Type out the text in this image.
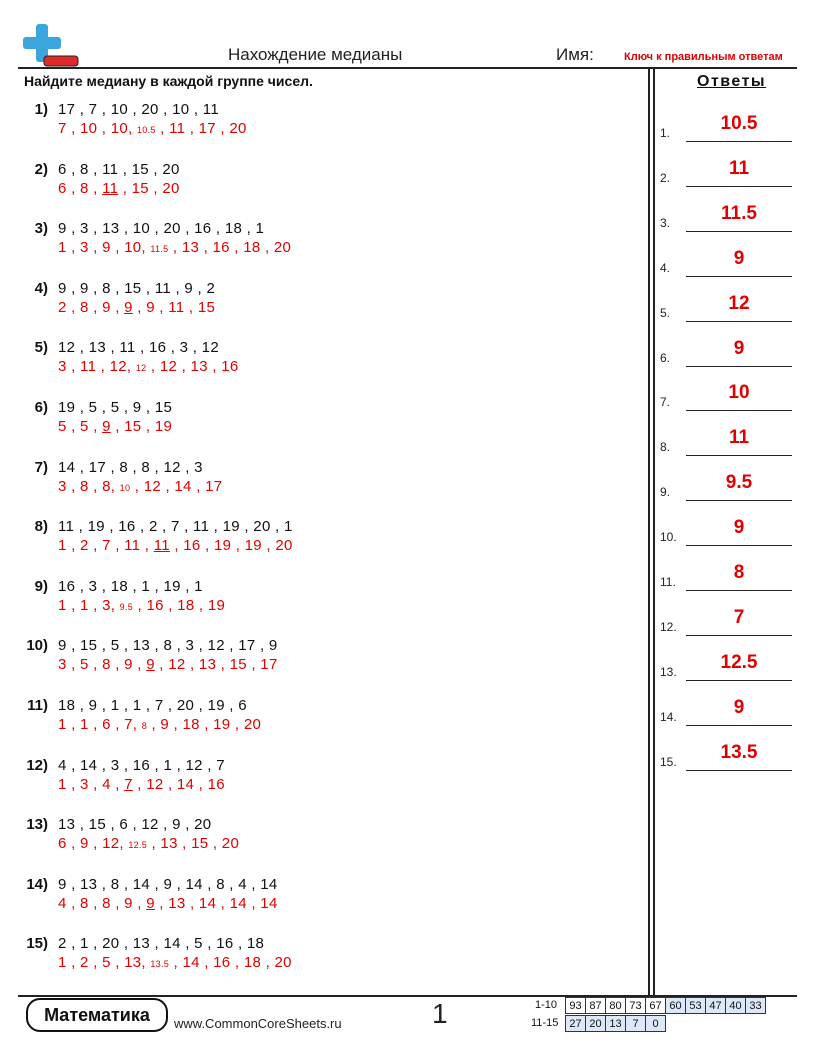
Нахождение медианы	Имя:	Ключ к правильным ответам
Найдите медиану в каждой группе чисел.
1) 17 , 7 , 10 , 20 , 10 , 11
7 , 10 , 10, 10.5 , 11 , 17 , 20
2) 6 , 8 , 11 , 15 , 20
6 , 8 , 11 , 15 , 20
3) 9 , 3 , 13 , 10 , 20 , 16 , 18 , 1
1 , 3 , 9 , 10, 11.5 , 13 , 16 , 18 , 20
4) 9 , 9 , 8 , 15 , 11 , 9 , 2
2 , 8 , 9 , 9 , 9 , 11 , 15
5) 12 , 13 , 11 , 16 , 3 , 12
3 , 11 , 12, 12 , 12 , 13 , 16
6) 19 , 5 , 5 , 9 , 15
5 , 5 , 9 , 15 , 19
7) 14 , 17 , 8 , 8 , 12 , 3
3 , 8 , 8, 10 , 12 , 14 , 17
8) 11 , 19 , 16 , 2 , 7 , 11 , 19 , 20 , 1
1 , 2 , 7 , 11 , 11 , 16 , 19 , 19 , 20
9) 16 , 3 , 18 , 1 , 19 , 1
1 , 1 , 3, 9.5 , 16 , 18 , 19
10) 9 , 15 , 5 , 13 , 8 , 3 , 12 , 17 , 9
3 , 5 , 8 , 9 , 9 , 12 , 13 , 15 , 17
11) 18 , 9 , 1 , 1 , 7 , 20 , 19 , 6
1 , 1 , 6 , 7, 8 , 9 , 18 , 19 , 20
12) 4 , 14 , 3 , 16 , 1 , 12 , 7
1 , 3 , 4 , 7 , 12 , 14 , 16
13) 13 , 15 , 6 , 12 , 9 , 20
6 , 9 , 12, 12.5 , 13 , 15 , 20
14) 9 , 13 , 8 , 14 , 9 , 14 , 8 , 4 , 14
4 , 8 , 8 , 9 , 9 , 13 , 14 , 14 , 14
15) 2 , 1 , 20 , 13 , 14 , 5 , 16 , 18
1 , 2 , 5 , 13, 13.5 , 14 , 16 , 18 , 20
Ответы
1.	10.5
2.	11
3.	11.5
4.	9
5.	12
6.	9
7.	10
8.	11
9.	9.5
10.	9
11.	8
12.	7
13.	12.5
14.	9
15.	13.5
Математика	www.CommonCoreSheets.ru	1	1-10 93	87	80	73	67	60	53	47	40	33
11-15 27	20	13	7	0
